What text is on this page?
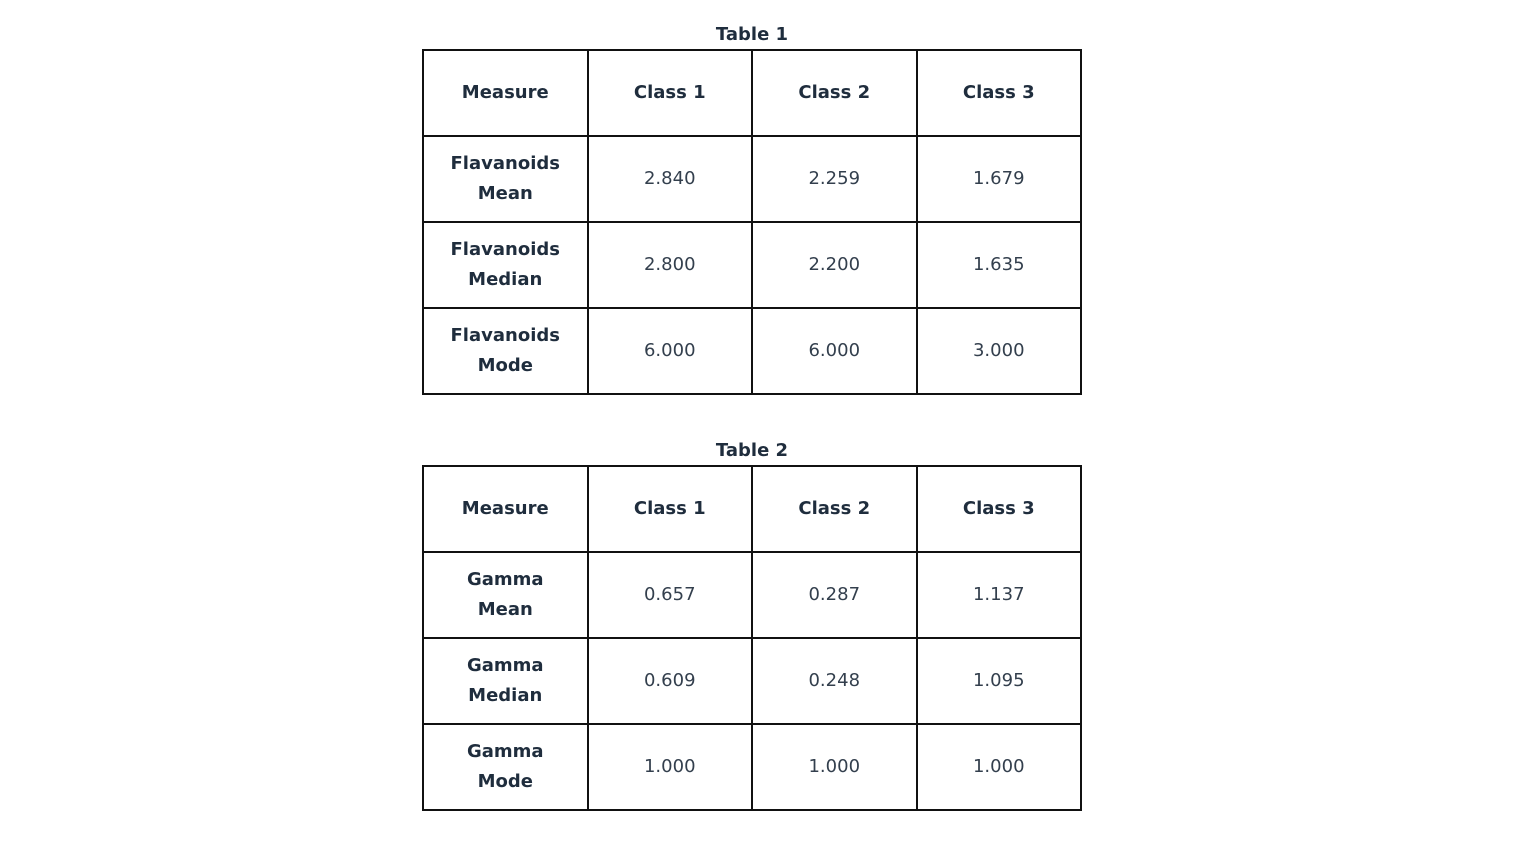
Table 1
Measure	Class 1	Class 2	Class 3

Flavanoids
Mean	2.840	2.259	1.679

Flavanoids
Median	2.800	2.200	1.635

Flavanoids
Mode	6.000	6.000	3.000
Table 2
Measure	Class 1	Class 2	Class 3

Gamma
Mean	0.657	0.287	1.137

Gamma
Median	0.609	0.248	1.095

Gamma
Mode	1.000	1.000	1.000
